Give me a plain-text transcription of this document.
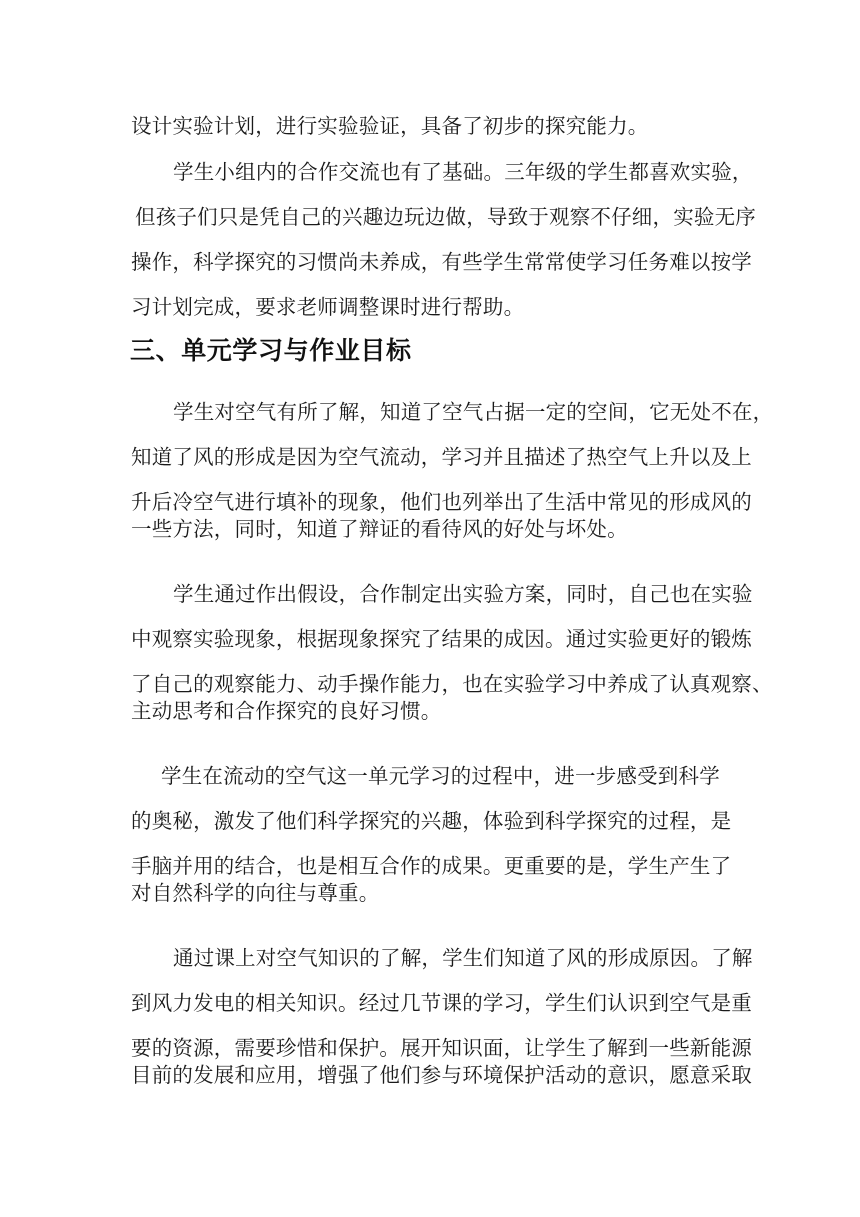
设计实验计划，进行实验验证，具备了初步的探究能力。
学生小组内的合作交流也有了基础。三年级的学生都喜欢实验，
但孩子们只是凭自己的兴趣边玩边做，导致于观察不仔细，实验无序
操作，科学探究的习惯尚未养成，有些学生常常使学习任务难以按学
习计划完成，要求老师调整课时进行帮助。
三、单元学习与作业目标
学生对空气有所了解，知道了空气占据一定的空间，它无处不在，
知道了风的形成是因为空气流动，学习并且描述了热空气上升以及上
升后冷空气进行填补的现象，他们也列举出了生活中常见的形成风的
一些方法，同时，知道了辩证的看待风的好处与坏处。
学生通过作出假设，合作制定出实验方案，同时，自己也在实验
中观察实验现象，根据现象探究了结果的成因。通过实验更好的锻炼
了自己的观察能力、动手操作能力，也在实验学习中养成了认真观察、
主动思考和合作探究的良好习惯。
学生在流动的空气这一单元学习的过程中，进一步感受到科学
的奥秘，激发了他们科学探究的兴趣，体验到科学探究的过程，是
手脑并用的结合，也是相互合作的成果。更重要的是，学生产生了
对自然科学的向往与尊重。
通过课上对空气知识的了解，学生们知道了风的形成原因。了解
到风力发电的相关知识。经过几节课的学习，学生们认识到空气是重
要的资源，需要珍惜和保护。展开知识面，让学生了解到一些新能源
目前的发展和应用，增强了他们参与环境保护活动的意识，愿意采取
